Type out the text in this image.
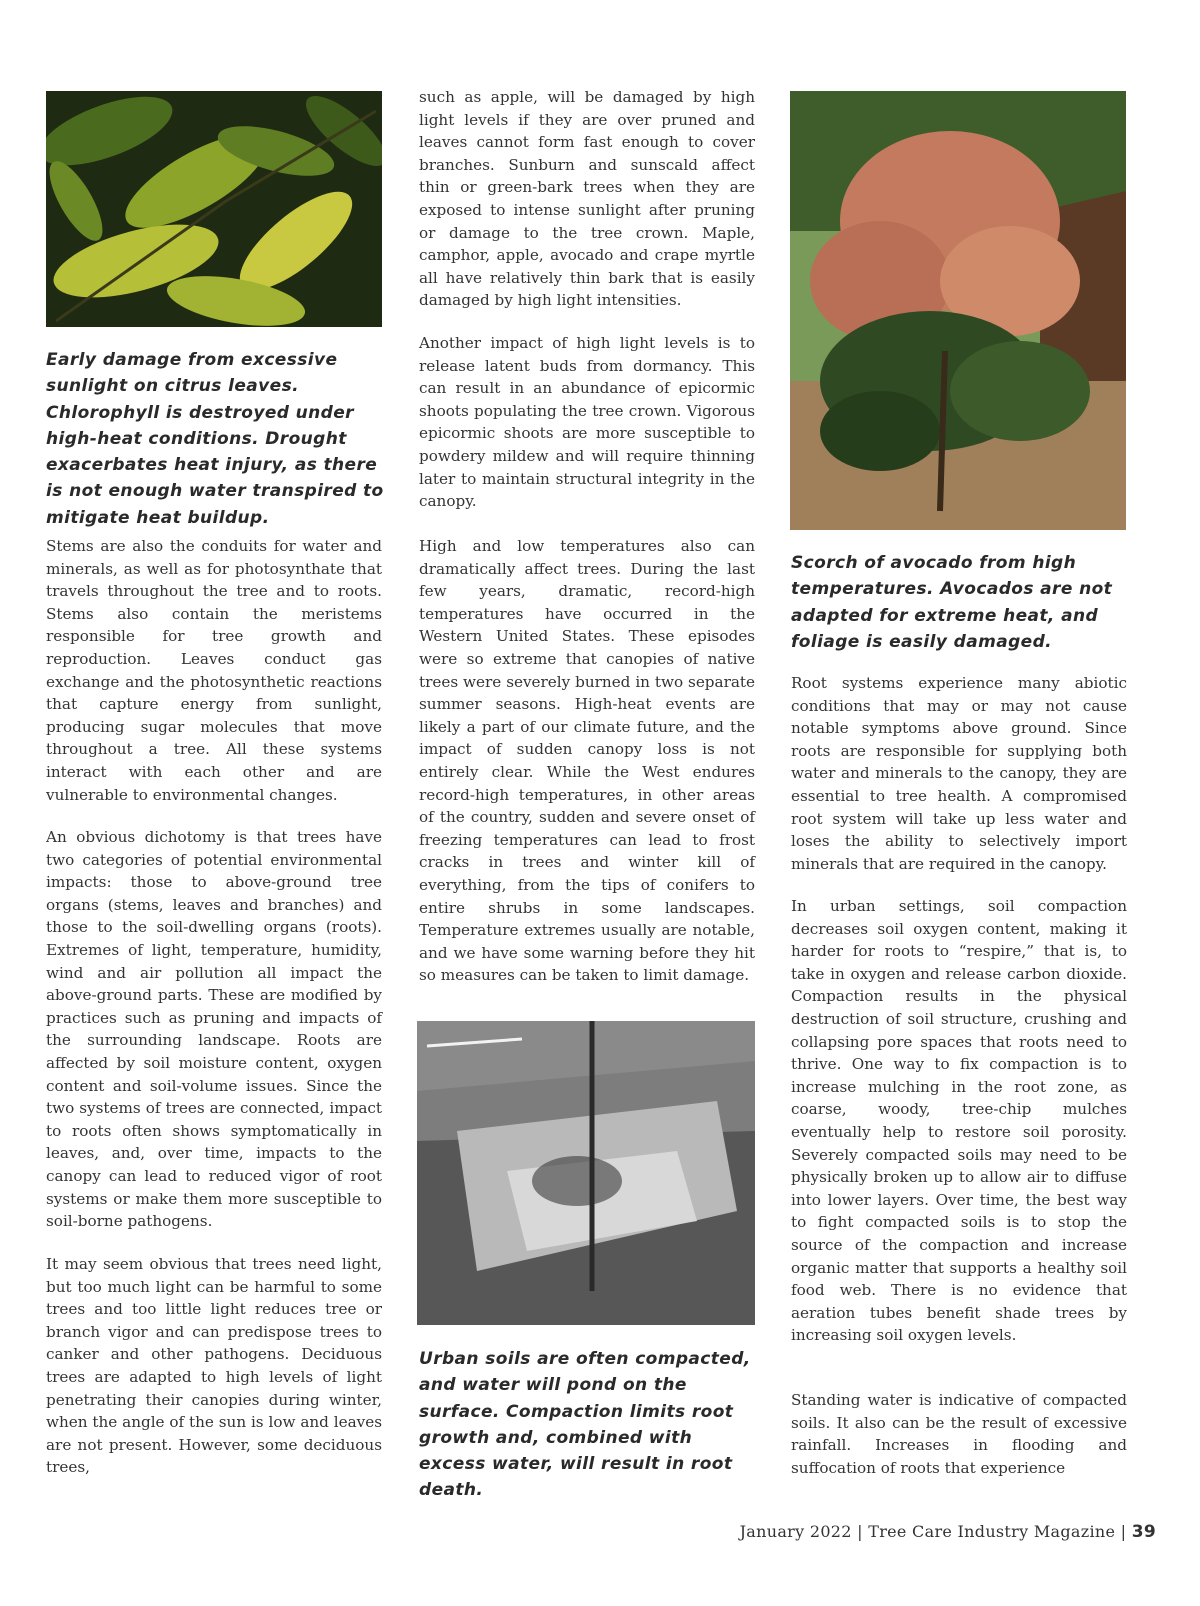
Early damage from excessive sunlight on citrus leaves. Chlorophyll is destroyed under high-heat conditions. Drought exacerbates heat injury, as there is not enough water transpired to mitigate heat buildup.

Stems are also the conduits for water and minerals, as well as for photosynthate that travels throughout the tree and to roots. Stems also contain the meristems responsible for tree growth and reproduction. Leaves conduct gas exchange and the photosynthetic reactions that capture energy from sunlight, producing sugar molecules that move throughout a tree. All these systems interact with each other and are vulnerable to environmental changes.

An obvious dichotomy is that trees have two categories of potential environmental impacts: those to above-ground tree organs (stems, leaves and branches) and those to the soil-dwelling organs (roots). Extremes of light, temperature, humidity, wind and air pollution all impact the above-ground parts. These are modified by practices such as pruning and impacts of the surrounding landscape. Roots are affected by soil moisture content, oxygen content and soil-volume issues. Since the two systems of trees are connected, impact to roots often shows symptomatically in leaves, and, over time, impacts to the canopy can lead to reduced vigor of root systems or make them more susceptible to soil-borne pathogens.

It may seem obvious that trees need light, but too much light can be harmful to some trees and too little light reduces tree or branch vigor and can predispose trees to canker and other pathogens. Deciduous trees are adapted to high levels of light penetrating their canopies during winter, when the angle of the sun is low and leaves are not present. However, some deciduous trees,

such as apple, will be damaged by high light levels if they are over pruned and leaves cannot form fast enough to cover branches. Sunburn and sunscald affect thin or green-bark trees when they are exposed to intense sunlight after pruning or damage to the tree crown. Maple, camphor, apple, avocado and crape myrtle all have relatively thin bark that is easily damaged by high light intensities.

Another impact of high light levels is to release latent buds from dormancy. This can result in an abundance of epicormic shoots populating the tree crown. Vigorous epicormic shoots are more susceptible to powdery mildew and will require thinning later to maintain structural integrity in the canopy.

High and low temperatures also can dramatically affect trees. During the last few years, dramatic, record-high temperatures have occurred in the Western United States. These episodes were so extreme that canopies of native trees were severely burned in two separate summer seasons. High-heat events are likely a part of our climate future, and the impact of sudden canopy loss is not entirely clear. While the West endures record-high temperatures, in other areas of the country, sudden and severe onset of freezing temperatures can lead to frost cracks in trees and winter kill of everything, from the tips of conifers to entire shrubs in some landscapes. Temperature extremes usually are notable, and we have some warning before they hit so measures can be taken to limit damage.

Urban soils are often compacted, and water will pond on the surface. Compaction limits root growth and, combined with excess water, will result in root death.
Scorch of avocado from high temperatures. Avocados are not adapted for extreme heat, and foliage is easily damaged.

Root systems experience many abiotic conditions that may or may not cause notable symptoms above ground. Since roots are responsible for supplying both water and minerals to the canopy, they are essential to tree health. A compromised root system will take up less water and loses the ability to selectively import minerals that are required in the canopy.

In urban settings, soil compaction decreases soil oxygen content, making it harder for roots to “respire,” that is, to take in oxygen and release carbon dioxide. Compaction results in the physical destruction of soil structure, crushing and collapsing pore spaces that roots need to thrive. One way to fix compaction is to increase mulching in the root zone, as coarse, woody, tree-chip mulches eventually help to restore soil porosity. Severely compacted soils may need to be physically broken up to allow air to diffuse into lower layers. Over time, the best way to fight compacted soils is to stop the source of the compaction and increase organic matter that supports a healthy soil food web. There is no evidence that aeration tubes benefit shade trees by increasing soil oxygen levels.

Standing water is indicative of compacted soils. It also can be the result of excessive rainfall. Increases in flooding and suffocation of roots that experience

January 2022 | Tree Care Industry Magazine | 39
